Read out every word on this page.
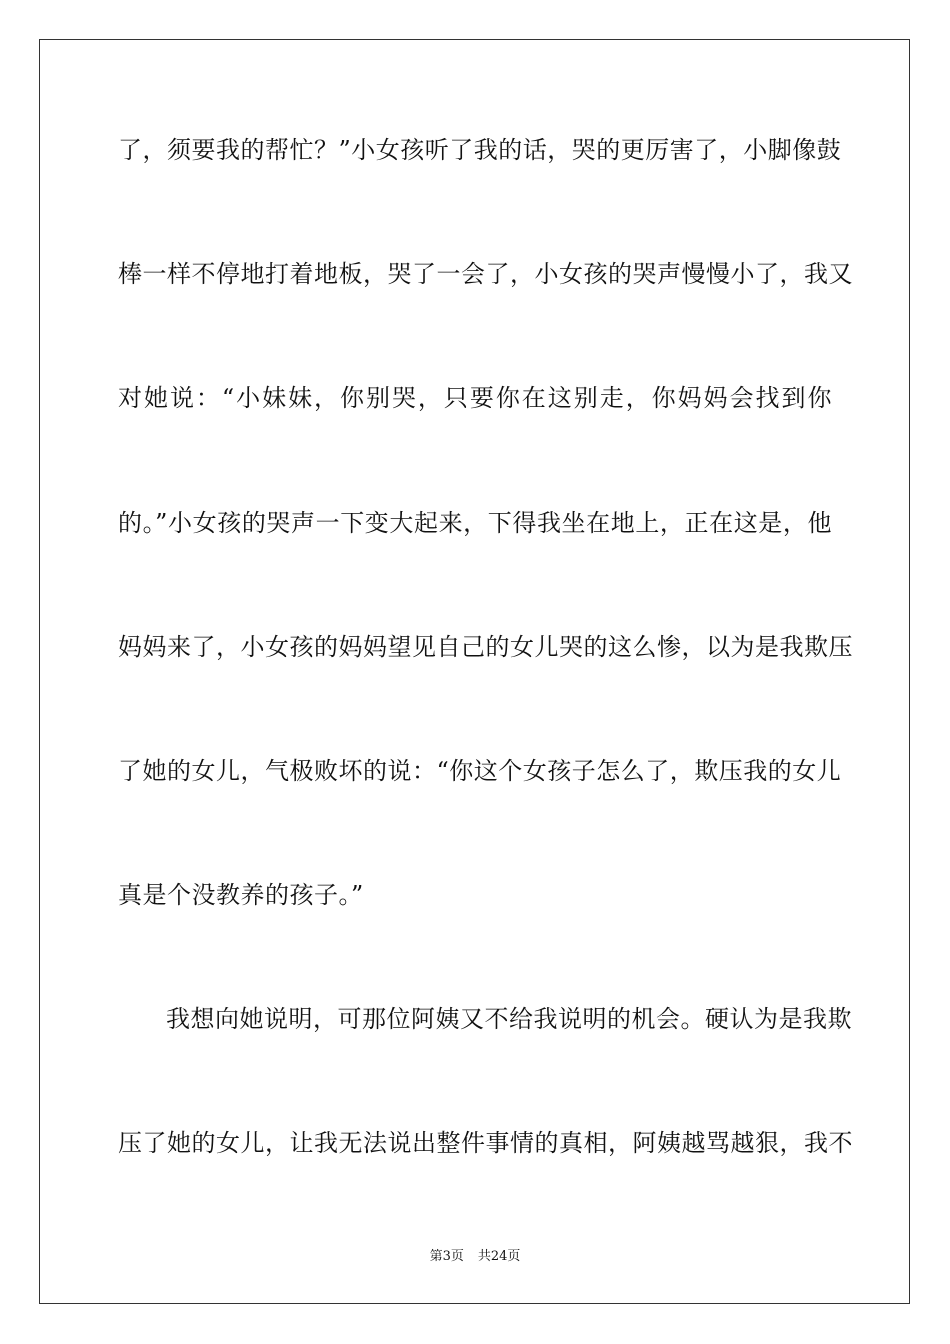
了，须要我的帮忙？”小女孩听了我的话，哭的更厉害了，小脚像鼓
棒一样不停地打着地板，哭了一会了，小女孩的哭声慢慢小了，我又
对她说：“小妹妹，你别哭，只要你在这别走，你妈妈会找到你
的。”小女孩的哭声一下变大起来，下得我坐在地上，正在这是，他
妈妈来了，小女孩的妈妈望见自己的女儿哭的这么惨，以为是我欺压
了她的女儿，气极败坏的说：“你这个女孩子怎么了，欺压我的女儿
真是个没教养的孩子。”
我想向她说明，可那位阿姨又不给我说明的机会。硬认为是我欺
压了她的女儿，让我无法说出整件事情的真相，阿姨越骂越狠，我不
第3页 共24页
